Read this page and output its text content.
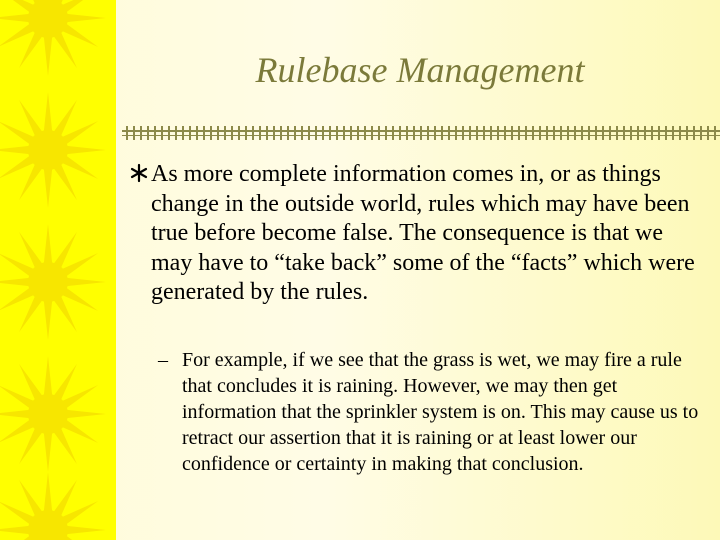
Rulebase Management
As more complete information comes in, or as things change in the outside world, rules which may have been true before become false. The consequence is that we may have to “take back” some of the “facts” which were generated by the rules.
– For example, if we see that the grass is wet, we may fire a rule that concludes it is raining. However, we may then get information that the sprinkler system is on. This may cause us to retract our assertion that it is raining or at least lower our confidence or certainty in making that conclusion.
